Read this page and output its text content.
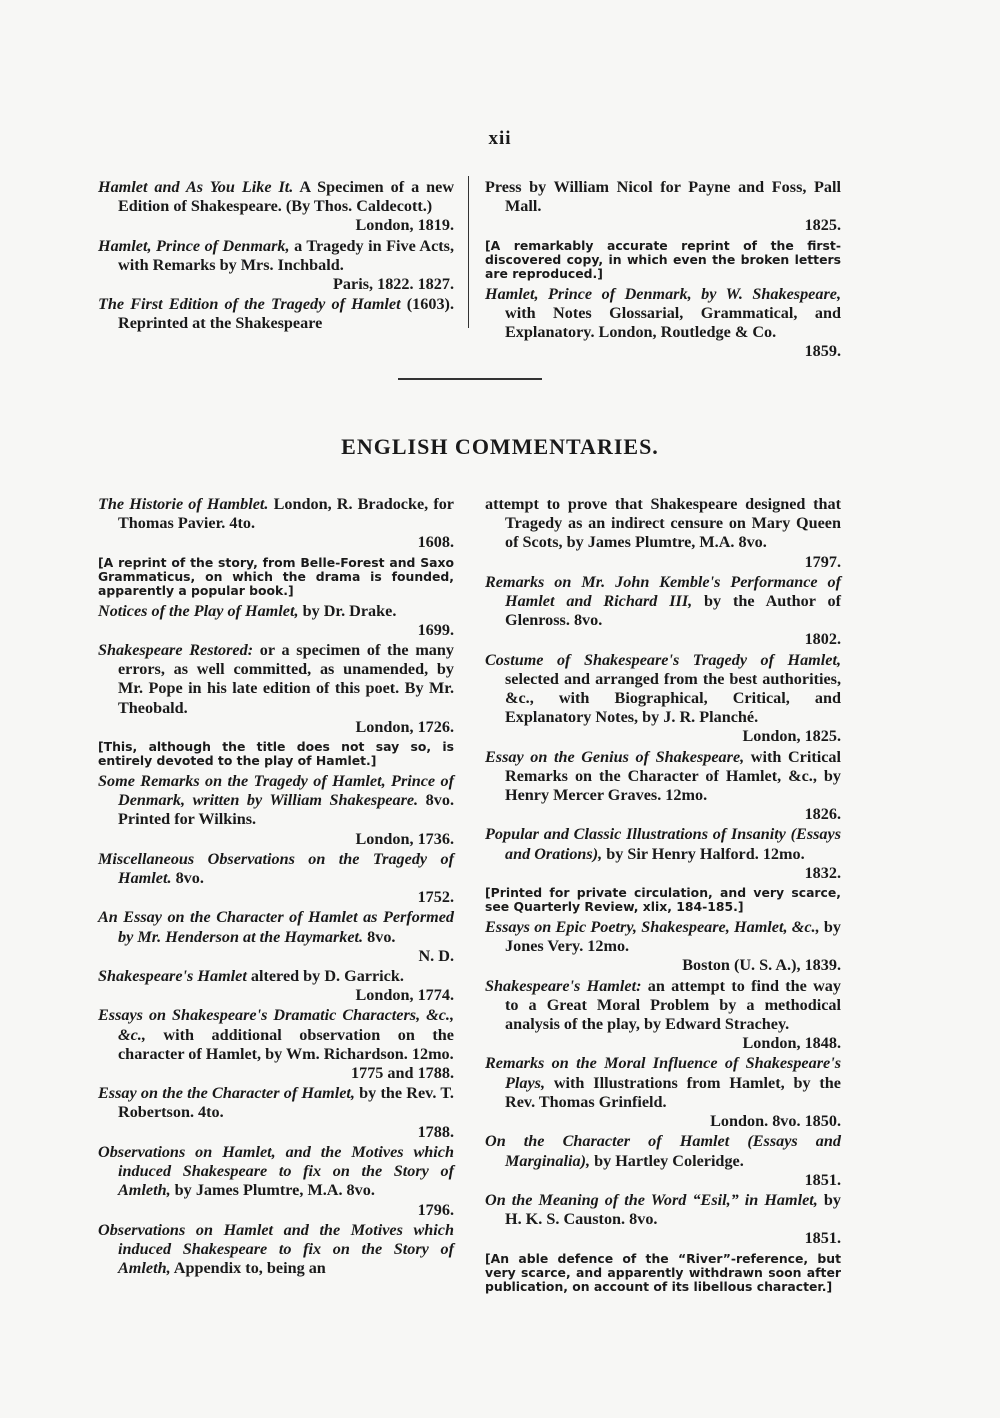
xii
Hamlet and As You Like It. A Specimen of a new Edition of Shakespeare. (By Thos. Caldecott.)
London, 1819.
Hamlet, Prince of Denmark, a Tragedy in Five Acts, with Remarks by Mrs. Inchbald.
Paris, 1822. 1827.
The First Edition of the Tragedy of Hamlet (1603). Reprinted at the Shakespeare
Press by William Nicol for Payne and Foss, Pall Mall.
1825.
[A remarkably accurate reprint of the first-discovered copy, in which even the broken letters are reproduced.]
Hamlet, Prince of Denmark, by W. Shakespeare, with Notes Glossarial, Grammatical, and Explanatory. London, Routledge & Co.
1859.
ENGLISH COMMENTARIES.
The Historie of Hamblet. London, R. Bradocke, for Thomas Pavier. 4to.
1608.
[A reprint of the story, from Belle-Forest and Saxo Grammaticus, on which the drama is founded, apparently a popular book.]
Notices of the Play of Hamlet, by Dr. Drake.
1699.
Shakespeare Restored: or a specimen of the many errors, as well committed, as unamended, by Mr. Pope in his late edition of this poet. By Mr. Theobald.
London, 1726.
[This, although the title does not say so, is entirely devoted to the play of Hamlet.]
Some Remarks on the Tragedy of Hamlet, Prince of Denmark, written by William Shakespeare. 8vo. Printed for Wilkins.
London, 1736.
Miscellaneous Observations on the Tragedy of Hamlet. 8vo.
1752.
An Essay on the Character of Hamlet as Performed by Mr. Henderson at the Haymarket. 8vo.
N. D.
Shakespeare's Hamlet altered by D. Garrick.
London, 1774.
Essays on Shakespeare's Dramatic Characters, &c., &c., with additional observation on the character of Hamlet, by Wm. Richardson. 12mo.
1775 and 1788.
Essay on the the Character of Hamlet, by the Rev. T. Robertson. 4to.
1788.
Observations on Hamlet, and the Motives which induced Shakespeare to fix on the Story of Amleth, by James Plumtre, M.A. 8vo.
1796.
Observations on Hamlet and the Motives which induced Shakespeare to fix on the Story of Amleth, Appendix to, being an
attempt to prove that Shakespeare designed that Tragedy as an indirect censure on Mary Queen of Scots, by James Plumtre, M.A. 8vo.
1797.
Remarks on Mr. John Kemble's Performance of Hamlet and Richard III, by the Author of Glenross. 8vo.
1802.
Costume of Shakespeare's Tragedy of Hamlet, selected and arranged from the best authorities, &c., with Biographical, Critical, and Explanatory Notes, by J. R. Planché.
London, 1825.
Essay on the Genius of Shakespeare, with Critical Remarks on the Character of Hamlet, &c., by Henry Mercer Graves. 12mo.
1826.
Popular and Classic Illustrations of Insanity (Essays and Orations), by Sir Henry Halford. 12mo.
1832.
[Printed for private circulation, and very scarce, see Quarterly Review, xlix, 184-185.]
Essays on Epic Poetry, Shakespeare, Hamlet, &c., by Jones Very. 12mo.
Boston (U. S. A.), 1839.
Shakespeare's Hamlet: an attempt to find the way to a Great Moral Problem by a methodical analysis of the play, by Edward Strachey.
London, 1848.
Remarks on the Moral Influence of Shakespeare's Plays, with Illustrations from Hamlet, by the Rev. Thomas Grinfield.
London. 8vo. 1850.
On the Character of Hamlet (Essays and Marginalia), by Hartley Coleridge.
1851.
On the Meaning of the Word “Esil,” in Hamlet, by H. K. S. Causton. 8vo.
1851.
[An able defence of the “River”-reference, but very scarce, and apparently withdrawn soon after publication, on account of its libellous character.]
